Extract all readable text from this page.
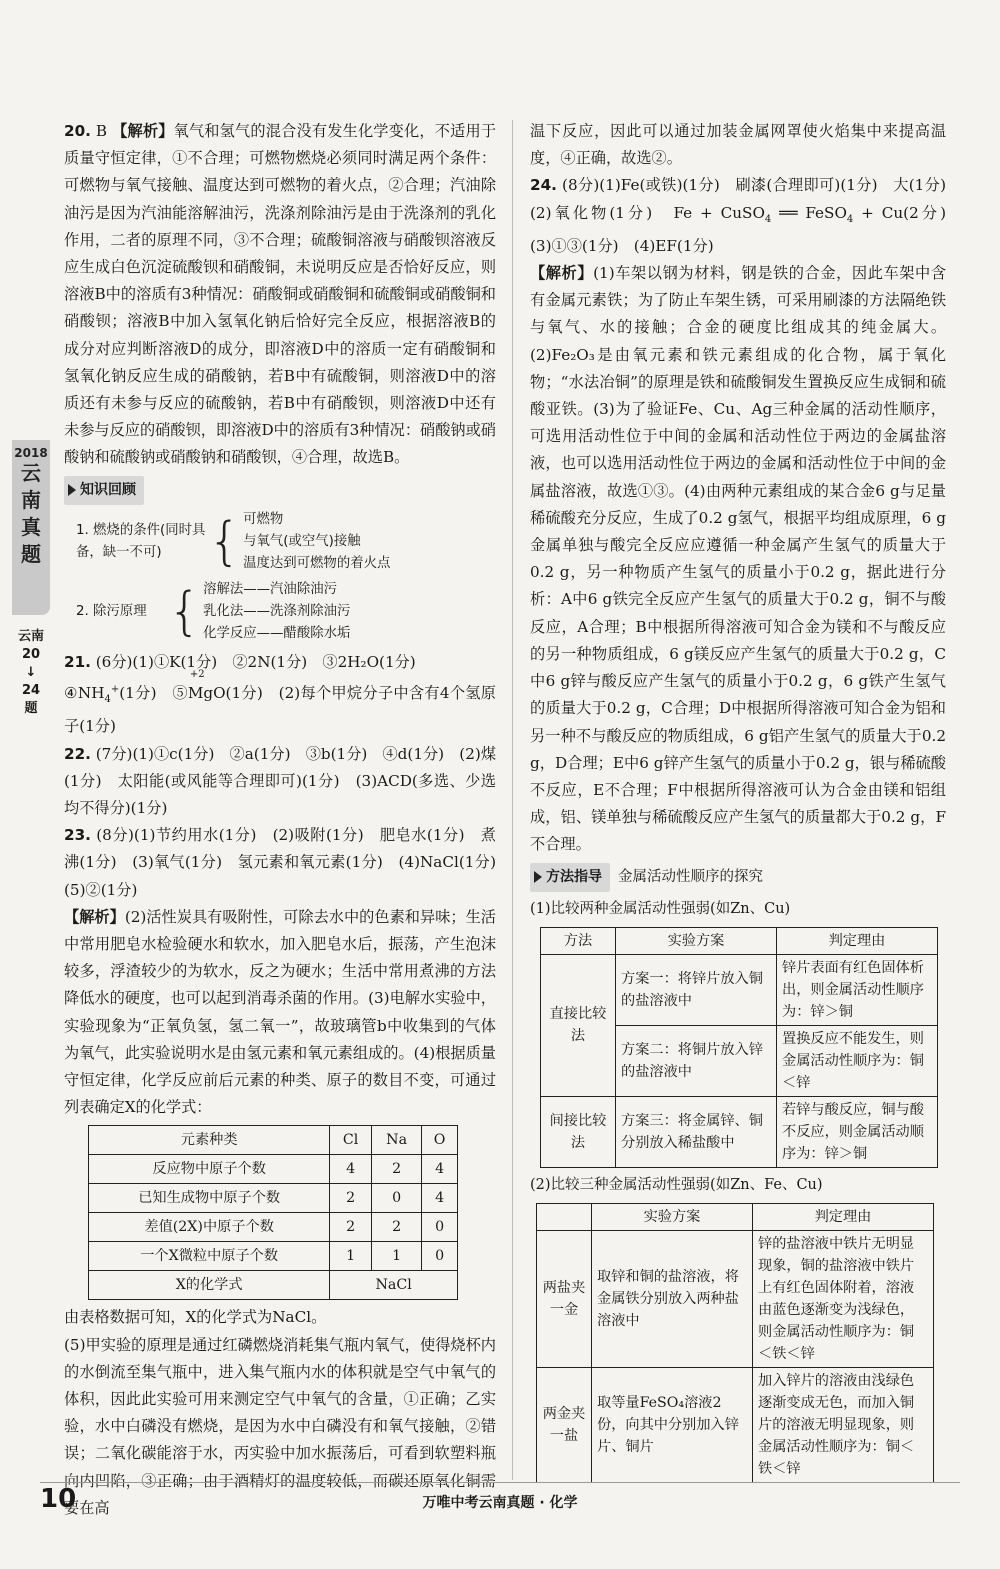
2018
云
南
真
题
云南
20
↓
24
题

20. B 【解析】氧气和氢气的混合没有发生化学变化，不适用于质量守恒定律，①不合理；可燃物燃烧必须同时满足两个条件：可燃物与氧气接触、温度达到可燃物的着火点，②合理；汽油除油污是因为汽油能溶解油污，洗涤剂除油污是由于洗涤剂的乳化作用，二者的原理不同，③不合理；硫酸铜溶液与硝酸钡溶液反应生成白色沉淀硫酸钡和硝酸铜，未说明反应是否恰好反应，则溶液B中的溶质有3种情况：硝酸铜或硝酸铜和硫酸铜或硝酸铜和硝酸钡；溶液B中加入氢氧化钠后恰好完全反应，根据溶液B的成分对应判断溶液D的成分，即溶液D中的溶质一定有硝酸铜和氢氧化钠反应生成的硝酸钠，若B中有硫酸铜，则溶液D中的溶质还有未参与反应的硫酸钠，若B中有硝酸钡，则溶液D中还有未参与反应的硝酸钡，即溶液D中的溶质有3种情况：硝酸钠或硝酸钠和硫酸钠或硝酸钠和硝酸钡，④合理，故选B。

知识回顾
1. 燃烧的条件(同时具备，缺一不可) { 可燃物
与氧气(或空气)接触
温度达到可燃物的着火点
2. 除污原理 { 溶解法——汽油除油污
乳化法——洗涤剂除油污
化学反应——醋酸除水垢

21. (6分)(1)①K(1分)　②2N(1分)　③2H₂O(1分)
$④NH_4^+(1$分)　⑤
+2
MgO(1分)　(2)每个甲烷分子中含有4个氢原子(1分)

22. (7分)(1)①c(1分)　②a(1分)　③b(1分)　④d(1分)　(2)煤(1分)　太阳能(或风能等合理即可)(1分)　(3)ACD(多选、少选均不得分)(1分)

23. (8分)(1)节约用水(1分)　(2)吸附(1分)　肥皂水(1分)　煮沸(1分)　(3)氧气(1分)　氢元素和氧元素(1分)　(4)NaCl(1分)　(5)②(1分)
【解析】(2)活性炭具有吸附性，可除去水中的色素和异味；生活中常用肥皂水检验硬水和软水，加入肥皂水后，振荡，产生泡沫较多，浮渣较少的为软水，反之为硬水；生活中常用煮沸的方法降低水的硬度，也可以起到消毒杀菌的作用。(3)电解水实验中，实验现象为“正氧负氢，氢二氧一”，故玻璃管b中收集到的气体为氧气，此实验说明水是由氢元素和氧元素组成的。(4)根据质量守恒定律，化学反应前后元素的种类、原子的数目不变，可通过列表确定X的化学式：

元素种类	Cl	Na	O
反应物中原子个数	4	2	4
已知生成物中原子个数	2	0	4
差值(2X)中原子个数	2	2	0
一个X微粒中原子个数	1	1	0
X的化学式	NaCl		

由表格数据可知，X的化学式为NaCl。

(5)甲实验的原理是通过红磷燃烧消耗集气瓶内氧气，使得烧杯内的水倒流至集气瓶中，进入集气瓶内水的体积就是空气中氧气的体积，因此此实验可用来测定空气中氧气的含量，①正确；乙实验，水中白磷没有燃烧，是因为水中白磷没有和氧气接触，②错误；二氧化碳能溶于水，丙实验中加水振荡后，可看到软塑料瓶向内凹陷，③正确；由于酒精灯的温度较低，而碳还原氧化铜需要在高

温下反应，因此可以通过加装金属网罩使火焰集中来提高温度，④正确，故选②。

24. (8分)(1)Fe(或铁)(1分)　刷漆(合理即可)(1分)　大(1分)　(2)氧化物(1分)　Fe + CuSO$_4$ ══ FeSO$_4$ + Cu(2分)　(3)①③(1分)　(4)EF(1分)
【解析】(1)车架以钢为材料，钢是铁的合金，因此车架中含有金属元素铁；为了防止车架生锈，可采用刷漆的方法隔绝铁与氧气、水的接触；合金的硬度比组成其的纯金属大。(2)Fe₂O₃是由氧元素和铁元素组成的化合物，属于氧化物；“水法冶铜”的原理是铁和硫酸铜发生置换反应生成铜和硫酸亚铁。(3)为了验证Fe、Cu、Ag三种金属的活动性顺序，可选用活动性位于中间的金属和活动性位于两边的金属盐溶液，也可以选用活动性位于两边的金属和活动性位于中间的金属盐溶液，故选①③。(4)由两种元素组成的某合金6 g与足量稀硫酸充分反应，生成了0.2 g氢气，根据平均组成原理，6 g金属单独与酸完全反应应遵循一种金属产生氢气的质量大于0.2 g，另一种物质产生氢气的质量小于0.2 g，据此进行分析：A中6 g铁完全反应产生氢气的质量大于0.2 g，铜不与酸反应，A合理；B中根据所得溶液可知合金为镁和不与酸反应的另一种物质组成，6 g镁反应产生氢气的质量大于0.2 g，C中6 g锌与酸反应产生氢气的质量小于0.2 g，6 g铁产生氢气的质量大于0.2 g，C合理；D中根据所得溶液可知合金为铝和另一种不与酸反应的物质组成，6 g铝产生氢气的质量大于0.2 g，D合理；E中6 g锌产生氢气的质量小于0.2 g，银与稀硫酸不反应，E不合理；F中根据所得溶液可认为合金由镁和铝组成，铝、镁单独与稀硫酸反应产生氢气的质量都大于0.2 g，F不合理。

方法指导	金属活动性顺序的探究

(1)比较两种金属活动性强弱(如Zn、Cu)

方法	实验方案	判定理由
直接比较法	方案一：将锌片放入铜的盐溶液中	锌片表面有红色固体析出，则金属活动性顺序为：锌＞铜
	方案二：将铜片放入锌的盐溶液中	置换反应不能发生，则金属活动性顺序为：铜＜锌
间接比较法	方案三：将金属锌、铜分别放入稀盐酸中	若锌与酸反应，铜与酸不反应，则金属活动顺序为：锌＞铜

(2)比较三种金属活动性强弱(如Zn、Fe、Cu)

	实验方案	判定理由
两盐夹一金	取锌和铜的盐溶液，将金属铁分别放入两种盐溶液中	锌的盐溶液中铁片无明显现象，铜的盐溶液中铁片上有红色固体附着，溶液由蓝色逐渐变为浅绿色，则金属活动性顺序为：铜＜铁＜锌
两金夹一盐	取等量FeSO₄溶液2份，向其中分别加入锌片、铜片	加入锌片的溶液由浅绿色逐渐变成无色，而加入铜片的溶液无明显现象，则金属活动性顺序为：铜＜铁＜锌
10	万唯中考云南真题 · 化学
